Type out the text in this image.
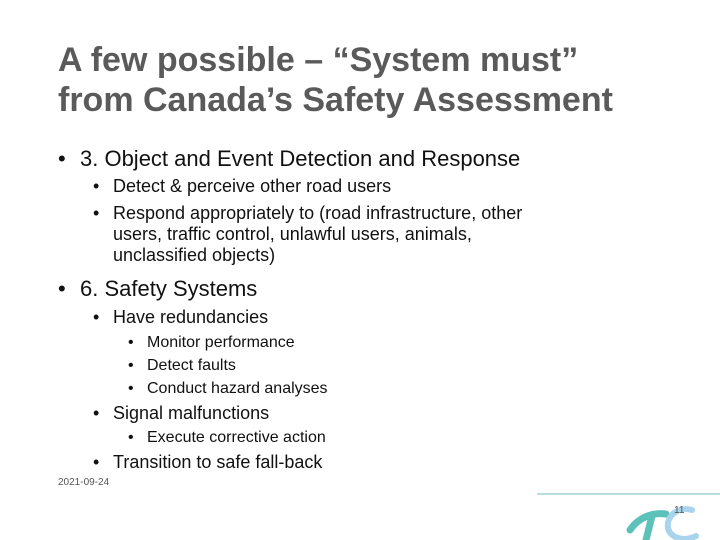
A few possible – “System must”
from Canada’s Safety Assessment
• 3. Object and Event Detection and Response
• Detect & perceive other road users
• Respond appropriately to (road infrastructure, other
users, traffic control, unlawful users, animals,
unclassified objects)
• 6. Safety Systems
• Have redundancies
• Monitor performance
• Detect faults
• Conduct hazard analyses
• Signal malfunctions
• Execute corrective action
• Transition to safe fall-back
2021-09-24
11
